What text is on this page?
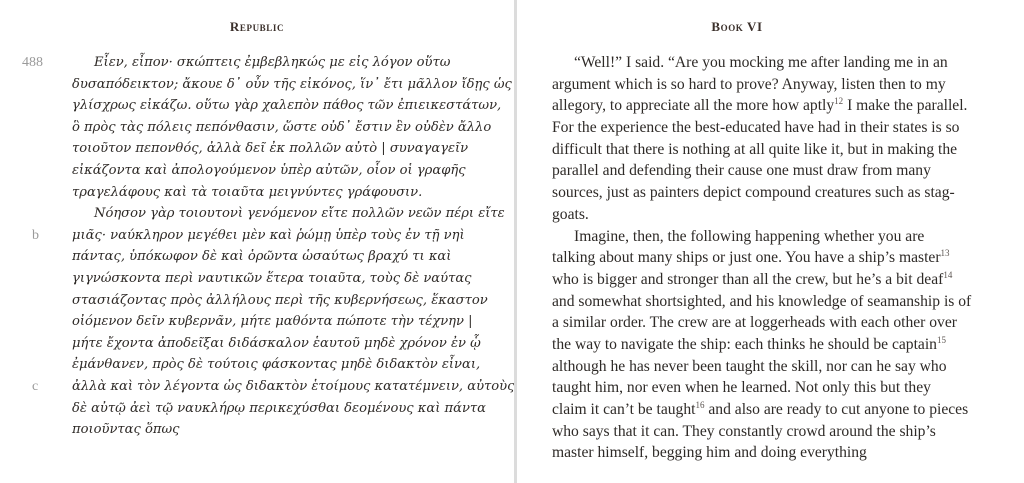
Republic
488	Εἶεν, εἶπον· σκώπτεις ἐμβεβληκώς με εἰς λόγον οὕτω
δυσαπόδεικτον; ἄκουε δ᾽ οὖν τῆς εἰκόνος, ἵν᾽ ἔτι μᾶλλον ἴδῃς ὡς
γλίσχρως εἰκάζω. οὕτω γὰρ χαλεπὸν πάθος τῶν ἐπιεικεστάτων,
ὃ πρὸς τὰς πόλεις πεπόνθασιν, ὥστε οὐδ᾽ ἔστιν ἓν οὐδὲν ἄλλο
τοιοῦτον πεπονθός, ἀλλὰ δεῖ ἐκ πολλῶν αὐτὸ | συναγαγεῖν
εἰκάζοντα καὶ ἀπολογούμενον ὑπὲρ αὐτῶν, οἷον οἱ γραφῆς
τραγελάφους καὶ τὰ τοιαῦτα μειγνύντες γράφουσιν.
Νόησον γὰρ τοιουτονὶ γενόμενον εἴτε πολλῶν νεῶν πέρι εἴτε
b	μιᾶς· ναύκληρον μεγέθει μὲν καὶ ῥώμῃ ὑπὲρ τοὺς ἐν τῇ νηὶ
πάντας, ὑπόκωφον δὲ καὶ ὁρῶντα ὡσαύτως βραχύ τι καὶ
γιγνώσκοντα περὶ ναυτικῶν ἕτερα τοιαῦτα, τοὺς δὲ ναύτας
στασιάζοντας πρὸς ἀλλήλους περὶ τῆς κυβερνήσεως, ἕκαστον
οἰόμενον δεῖν κυβερνᾶν, μήτε μαθόντα πώποτε τὴν τέχνην |
μήτε ἔχοντα ἀποδεῖξαι διδάσκαλον ἑαυτοῦ μηδὲ χρόνον ἐν ᾧ
ἐμάνθανεν, πρὸς δὲ τούτοις φάσκοντας μηδὲ διδακτὸν εἶναι,
c	ἀλλὰ καὶ τὸν λέγοντα ὡς διδακτὸν ἑτοίμους κατατέμνειν, αὐτοὺς
δὲ αὐτῷ ἀεὶ τῷ ναυκλήρῳ περικεχύσθαι δεομένους καὶ πάντα
ποιοῦντας ὅπως
Book VI
“Well!” I said. “Are you mocking me after landing me in an
argument which is so hard to prove? Anyway, listen then to my
allegory, to appreciate all the more how aptly$^{12}$ I make the parallel.
For the experience the best-educated have had in their states is so
difficult that there is nothing at all quite like it, but in making the
parallel and defending their cause one must draw from many
sources, just as painters depict compound creatures such as stag-
goats.
Imagine, then, the following happening whether you are
talking about many ships or just one. You have a ship’s master$^{13}$
who is bigger and stronger than all the crew, but he’s a bit deaf$^{14}$
and somewhat shortsighted, and his knowledge of seamanship is of
a similar order. The crew are at loggerheads with each other over
the way to navigate the ship: each thinks he should be captain$^{15}$
although he has never been taught the skill, nor can he say who
taught him, nor even when he learned. Not only this but they
claim it can’t be taught$^{16}$ and also are ready to cut anyone to pieces
who says that it can. They constantly crowd around the ship’s
master himself, begging him and doing everything
